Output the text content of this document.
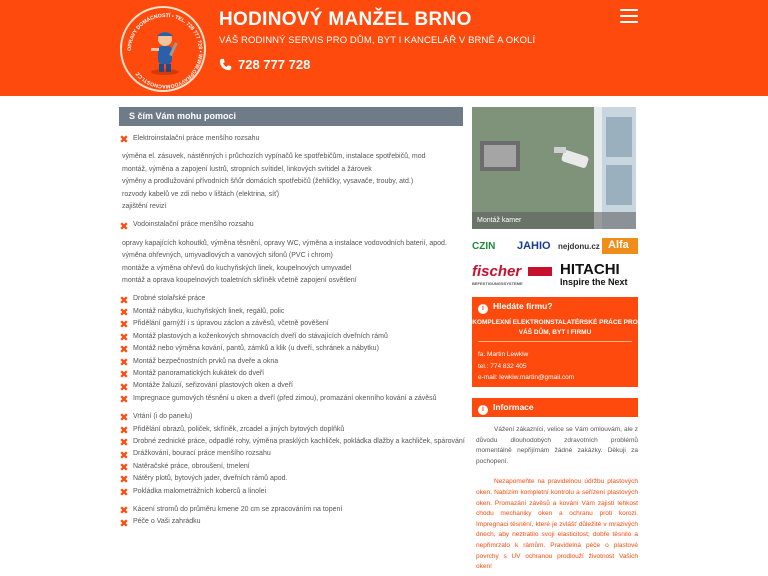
OPRAVY DOMÁCNOSTÍ • TEL. 728 777 728 • WWW.OPRAVYDOMACNOSTI.CZ
HODINOVÝ MANŽEL BRNO
VÁŠ RODINNÝ SERVIS PRO DŮM, BYT I KANCELÁŘ V BRNĚ A OKOLÍ
728 777 728
S čím Vám mohu pomoci
Elektroinstalační práce menšího rozsahu
výměna el. zásuvek, nástěnných i průchozích vypínačů ke spotřebičům, instalace spotřebičů, mod
montáž, výměna a zapojení lustrů, stropních svítidel, linkových svítidel a žárovek
výměny a prodlužování přívodních šňůr domácích spotřebičů (žehličky, vysavače, trouby, atd.)
rozvody kabelů ve zdi nebo v lištách (elektrina, síť)
zajištění revizí
Vodoinstalační práce menšího rozsahu
opravy kapajících kohoutků, výměna těsnění, opravy WC, výměna a instalace vodovodních baterií, apod.
výměna ohřevných, umyvadlových a vanových sifonů (PVC i chrom)
montáže a výměna ohřevů do kuchyňských linek, koupelnových umyvadel
montáž a oprava koupelnových toaletních skříněk včetně zapojení osvětlení
Drobné stolařské práce
Montáž nábytku, kuchyňských linek, regálů, polic
Přidělání garnýží i s úpravou záclon a závěsů, včetně pověšení
Montáž plastových a koženkových shrnovacích dveří do stávajících dveřních rámů
Montáž nebo výměna kování, pantů, zámků a klik (u dveří, schránek a nábytku)
Montáž bezpečnostních prvků na dveře a okna
Montáž panoramatických kukátek do dveří
Montáže žaluzií, seřizování plastových oken a dveří
Impregnace gumových těsnění u oken a dveří (před zimou), promazání okenního kování a závěsů
Vrtání (i do panelu)
Přidělání obrazů, poliček, skříněk, zrcadel a jiných bytových doplňků
Drobné zednické práce, odpadlé rohy, výměna prasklých kachliček, pokládka dlažby a kachliček, spárování
Drážkování, bourací práce menšího rozsahu
Natěračské práce, obroušení, tmelení
Nátěry plotů, bytových jader, dveřních rámů apod.
Pokládka malometrážních koberců a linolei
Kácení stromů do průměru kmene 20 cm se zpracováním na topení
Péče o Vaši zahrádku
Montáž kamer
CZIN JAHIO nejdonu.cz Alfa
fischer
BEFESTIGUNGSSYSTEME
HITACHI
Inspire the Next
i Hledáte firmu?
KOMPLEXNÍ ELEKTROINSTALATÉRSKÉ PRÁCE PRO VÁŠ DŮM, BYT I FIRMU
fa. Martin Lewkiw
tel.: 774 832 405
e-mail: lewkiw.martin@gmail.com
i Informace

Vážení zákazníci, velice se Vám omlouvám, ale z důvodu dlouhodobých zdravotních problémů momentálně nepřijímám žádné zakázky. Děkuji za pochopení.

Nezapomeňte na pravidelnou údržbu plastových oken. Nabízím kompletní kontrolu a seřízení plastových oken. Promazání závěsů a kování Vám zajistí lehkost chodu mechaniky oken a ochranu proti korozi. Impregnaci těsnění, které je zvlášť důležité v mrazivých dnech, aby neztratilo svoji elasticitost; dobře těsnilo a nepřimrzalo k rámům. Pravidelná péče o plastové povrchy s UV ochranou prodlouží životnost Vašich oken!
